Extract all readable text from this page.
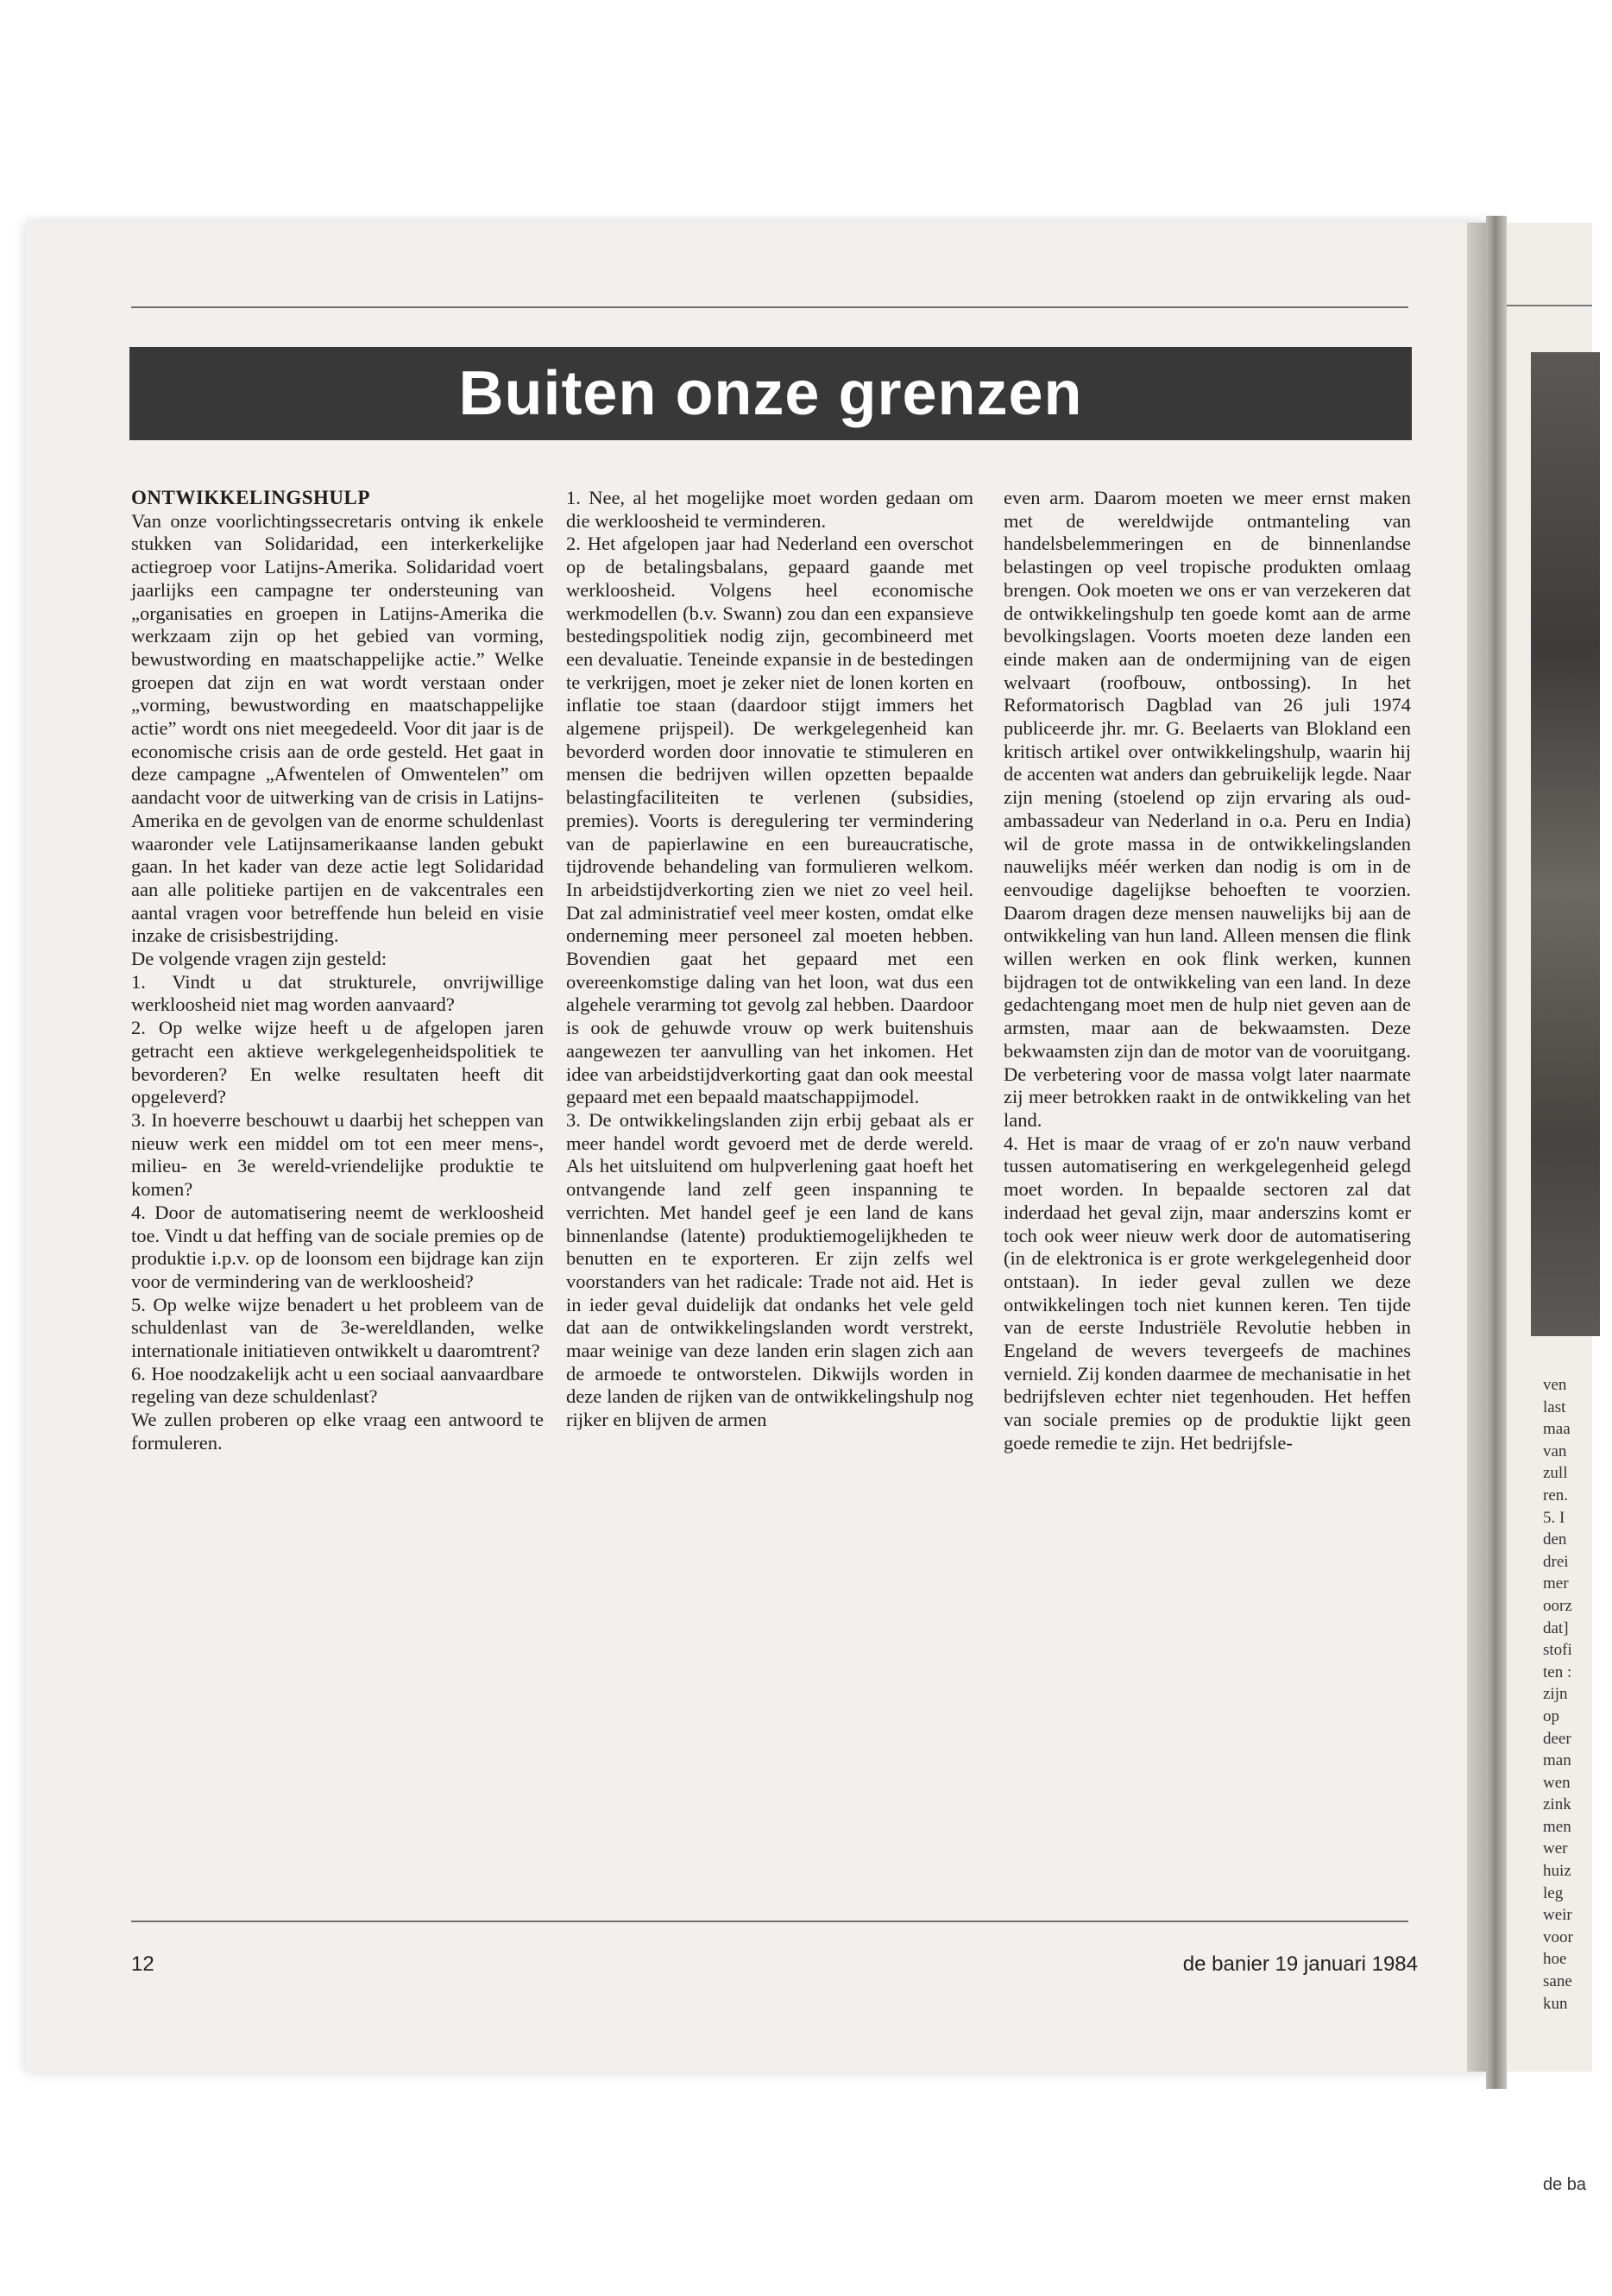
ven
last
maa
van
zull
ren.
5. I
den
drei
mer
oorz
dat]
stofi
ten :
zijn
op
deer
man
wen
zink
men
wer
huiz
leg
weir
voor
hoe
sane
kun
de ba
Buiten onze grenzen

ONTWIKKELINGSHULP

Van onze voorlichtingssecretaris ontving ik enkele stukken van Solidaridad, een interkerkelijke actiegroep voor Latijns-Amerika. Solidaridad voert jaarlijks een campagne ter ondersteuning van „organisaties en groepen in Latijns-Amerika die werkzaam zijn op het gebied van vorming, bewustwording en maatschappelijke actie.” Welke groepen dat zijn en wat wordt verstaan onder „vorming, bewustwording en maatschappelijke actie” wordt ons niet meegedeeld. Voor dit jaar is de economische crisis aan de orde gesteld. Het gaat in deze campagne „Afwentelen of Omwentelen” om aandacht voor de uitwerking van de crisis in Latijns-Amerika en de gevolgen van de enorme schuldenlast waaronder vele Latijnsamerikaanse landen gebukt gaan. In het kader van deze actie legt Solidaridad aan alle politieke partijen en de vakcentrales een aantal vragen voor betreffende hun beleid en visie inzake de crisisbestrijding.

De volgende vragen zijn gesteld:

1. Vindt u dat strukturele, onvrijwillige werkloosheid niet mag worden aanvaard?

2. Op welke wijze heeft u de afgelopen jaren getracht een aktieve werkgelegenheidspolitiek te bevorderen? En welke resultaten heeft dit opgeleverd?

3. In hoeverre beschouwt u daarbij het scheppen van nieuw werk een middel om tot een meer mens-, milieu- en 3e wereld-vriendelijke produktie te komen?

4. Door de automatisering neemt de werkloosheid toe. Vindt u dat heffing van de sociale premies op de produktie i.p.v. op de loonsom een bijdrage kan zijn voor de vermindering van de werkloosheid?

5. Op welke wijze benadert u het probleem van de schuldenlast van de 3e-wereldlanden, welke internationale initiatieven ontwikkelt u daaromtrent?

6. Hoe noodzakelijk acht u een sociaal aanvaardbare regeling van deze schuldenlast?

We zullen proberen op elke vraag een antwoord te formuleren.

1. Nee, al het mogelijke moet worden gedaan om die werkloosheid te verminderen.

2. Het afgelopen jaar had Nederland een overschot op de betalingsbalans, gepaard gaande met werkloosheid. Volgens heel economische werkmodellen (b.v. Swann) zou dan een expansieve bestedingspolitiek nodig zijn, gecombineerd met een devaluatie. Teneinde expansie in de bestedingen te verkrijgen, moet je zeker niet de lonen korten en inflatie toe staan (daardoor stijgt immers het algemene prijspeil). De werkgelegenheid kan bevorderd worden door innovatie te stimuleren en mensen die bedrijven willen opzetten bepaalde belastingfaciliteiten te verlenen (subsidies, premies). Voorts is deregulering ter vermindering van de papierlawine en een bureaucratische, tijdrovende behandeling van formulieren welkom. In arbeidstijdverkorting zien we niet zo veel heil. Dat zal administratief veel meer kosten, omdat elke onderneming meer personeel zal moeten hebben. Bovendien gaat het gepaard met een overeenkomstige daling van het loon, wat dus een algehele verarming tot gevolg zal hebben. Daardoor is ook de gehuwde vrouw op werk buitenshuis aangewezen ter aanvulling van het inkomen. Het idee van arbeidstijdverkorting gaat dan ook meestal gepaard met een bepaald maatschappijmodel.

3. De ontwikkelingslanden zijn erbij gebaat als er meer handel wordt gevoerd met de derde wereld. Als het uitsluitend om hulpverlening gaat hoeft het ontvangende land zelf geen inspanning te verrichten. Met handel geef je een land de kans binnenlandse (latente) produktiemogelijkheden te benutten en te exporteren. Er zijn zelfs wel voorstanders van het radicale: Trade not aid. Het is in ieder geval duidelijk dat ondanks het vele geld dat aan de ontwikkelingslanden wordt verstrekt, maar weinige van deze landen erin slagen zich aan de armoede te ontworstelen. Dikwijls worden in deze landen de rijken van de ontwikkelingshulp nog rijker en blijven de armen

even arm. Daarom moeten we meer ernst maken met de wereldwijde ontmanteling van handelsbelemmeringen en de binnenlandse belastingen op veel tropische produkten omlaag brengen. Ook moeten we ons er van verzekeren dat de ontwikkelingshulp ten goede komt aan de arme bevolkingslagen. Voorts moeten deze landen een einde maken aan de ondermijning van de eigen welvaart (roofbouw, ontbossing). In het Reformatorisch Dagblad van 26 juli 1974 publiceerde jhr. mr. G. Beelaerts van Blokland een kritisch artikel over ontwikkelingshulp, waarin hij de accenten wat anders dan gebruikelijk legde. Naar zijn mening (stoelend op zijn ervaring als oud-ambassadeur van Nederland in o.a. Peru en India) wil de grote massa in de ontwikkelingslanden nauwelijks méér werken dan nodig is om in de eenvoudige dagelijkse behoeften te voorzien. Daarom dragen deze mensen nauwelijks bij aan de ontwikkeling van hun land. Alleen mensen die flink willen werken en ook flink werken, kunnen bijdragen tot de ontwikkeling van een land. In deze gedachtengang moet men de hulp niet geven aan de armsten, maar aan de bekwaamsten. Deze bekwaamsten zijn dan de motor van de vooruitgang. De verbetering voor de massa volgt later naarmate zij meer betrokken raakt in de ontwikkeling van het land.

4. Het is maar de vraag of er zo'n nauw verband tussen automatisering en werkgelegenheid gelegd moet worden. In bepaalde sectoren zal dat inderdaad het geval zijn, maar anderszins komt er toch ook weer nieuw werk door de automatisering (in de elektronica is er grote werkgelegenheid door ontstaan). In ieder geval zullen we deze ontwikkelingen toch niet kunnen keren. Ten tijde van de eerste Industriële Revolutie hebben in Engeland de wevers tevergeefs de machines vernield. Zij konden daarmee de mechanisatie in het bedrijfsleven echter niet tegenhouden. Het heffen van sociale premies op de produktie lijkt geen goede remedie te zijn. Het bedrijfsle-

12	de banier 19 januari 1984
